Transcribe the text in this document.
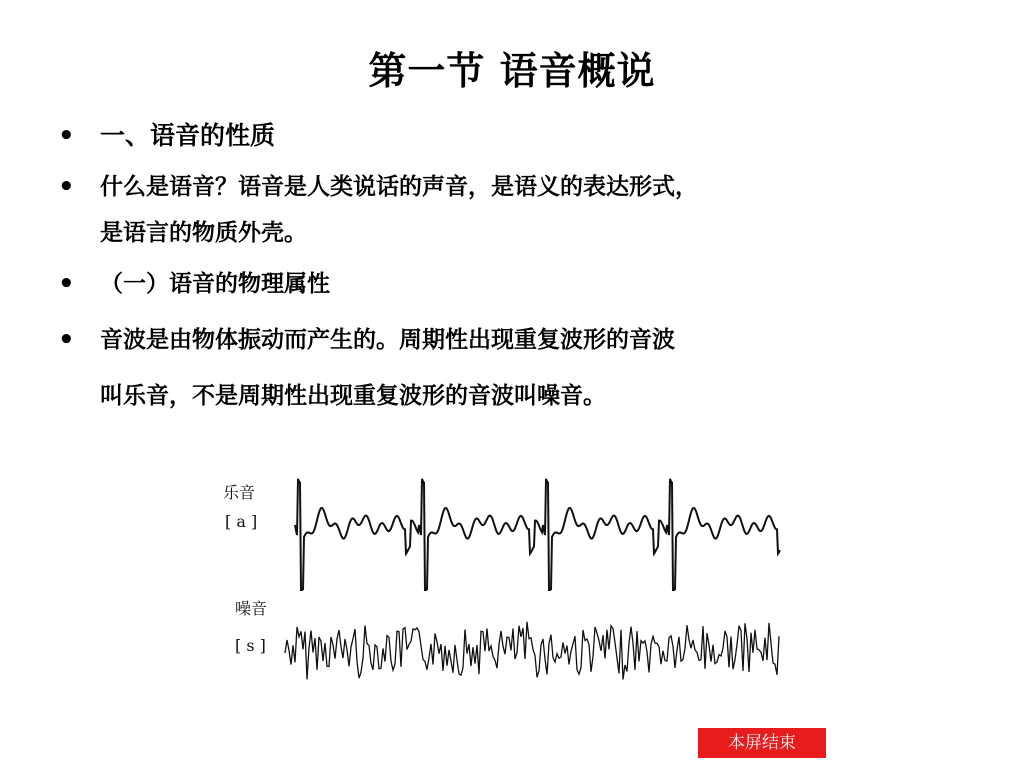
第一节 语音概说
• 一、语音的性质
• 什么是语音？语音是人类说话的声音，是语义的表达形式，
是语言的物质外壳。
• （一）语音的物理属性
• 音波是由物体振动而产生的。周期性出现重复波形的音波
叫乐音，不是周期性出现重复波形的音波叫噪音。
乐音
[ a ]
噪音
[ s ]
本屏结束
